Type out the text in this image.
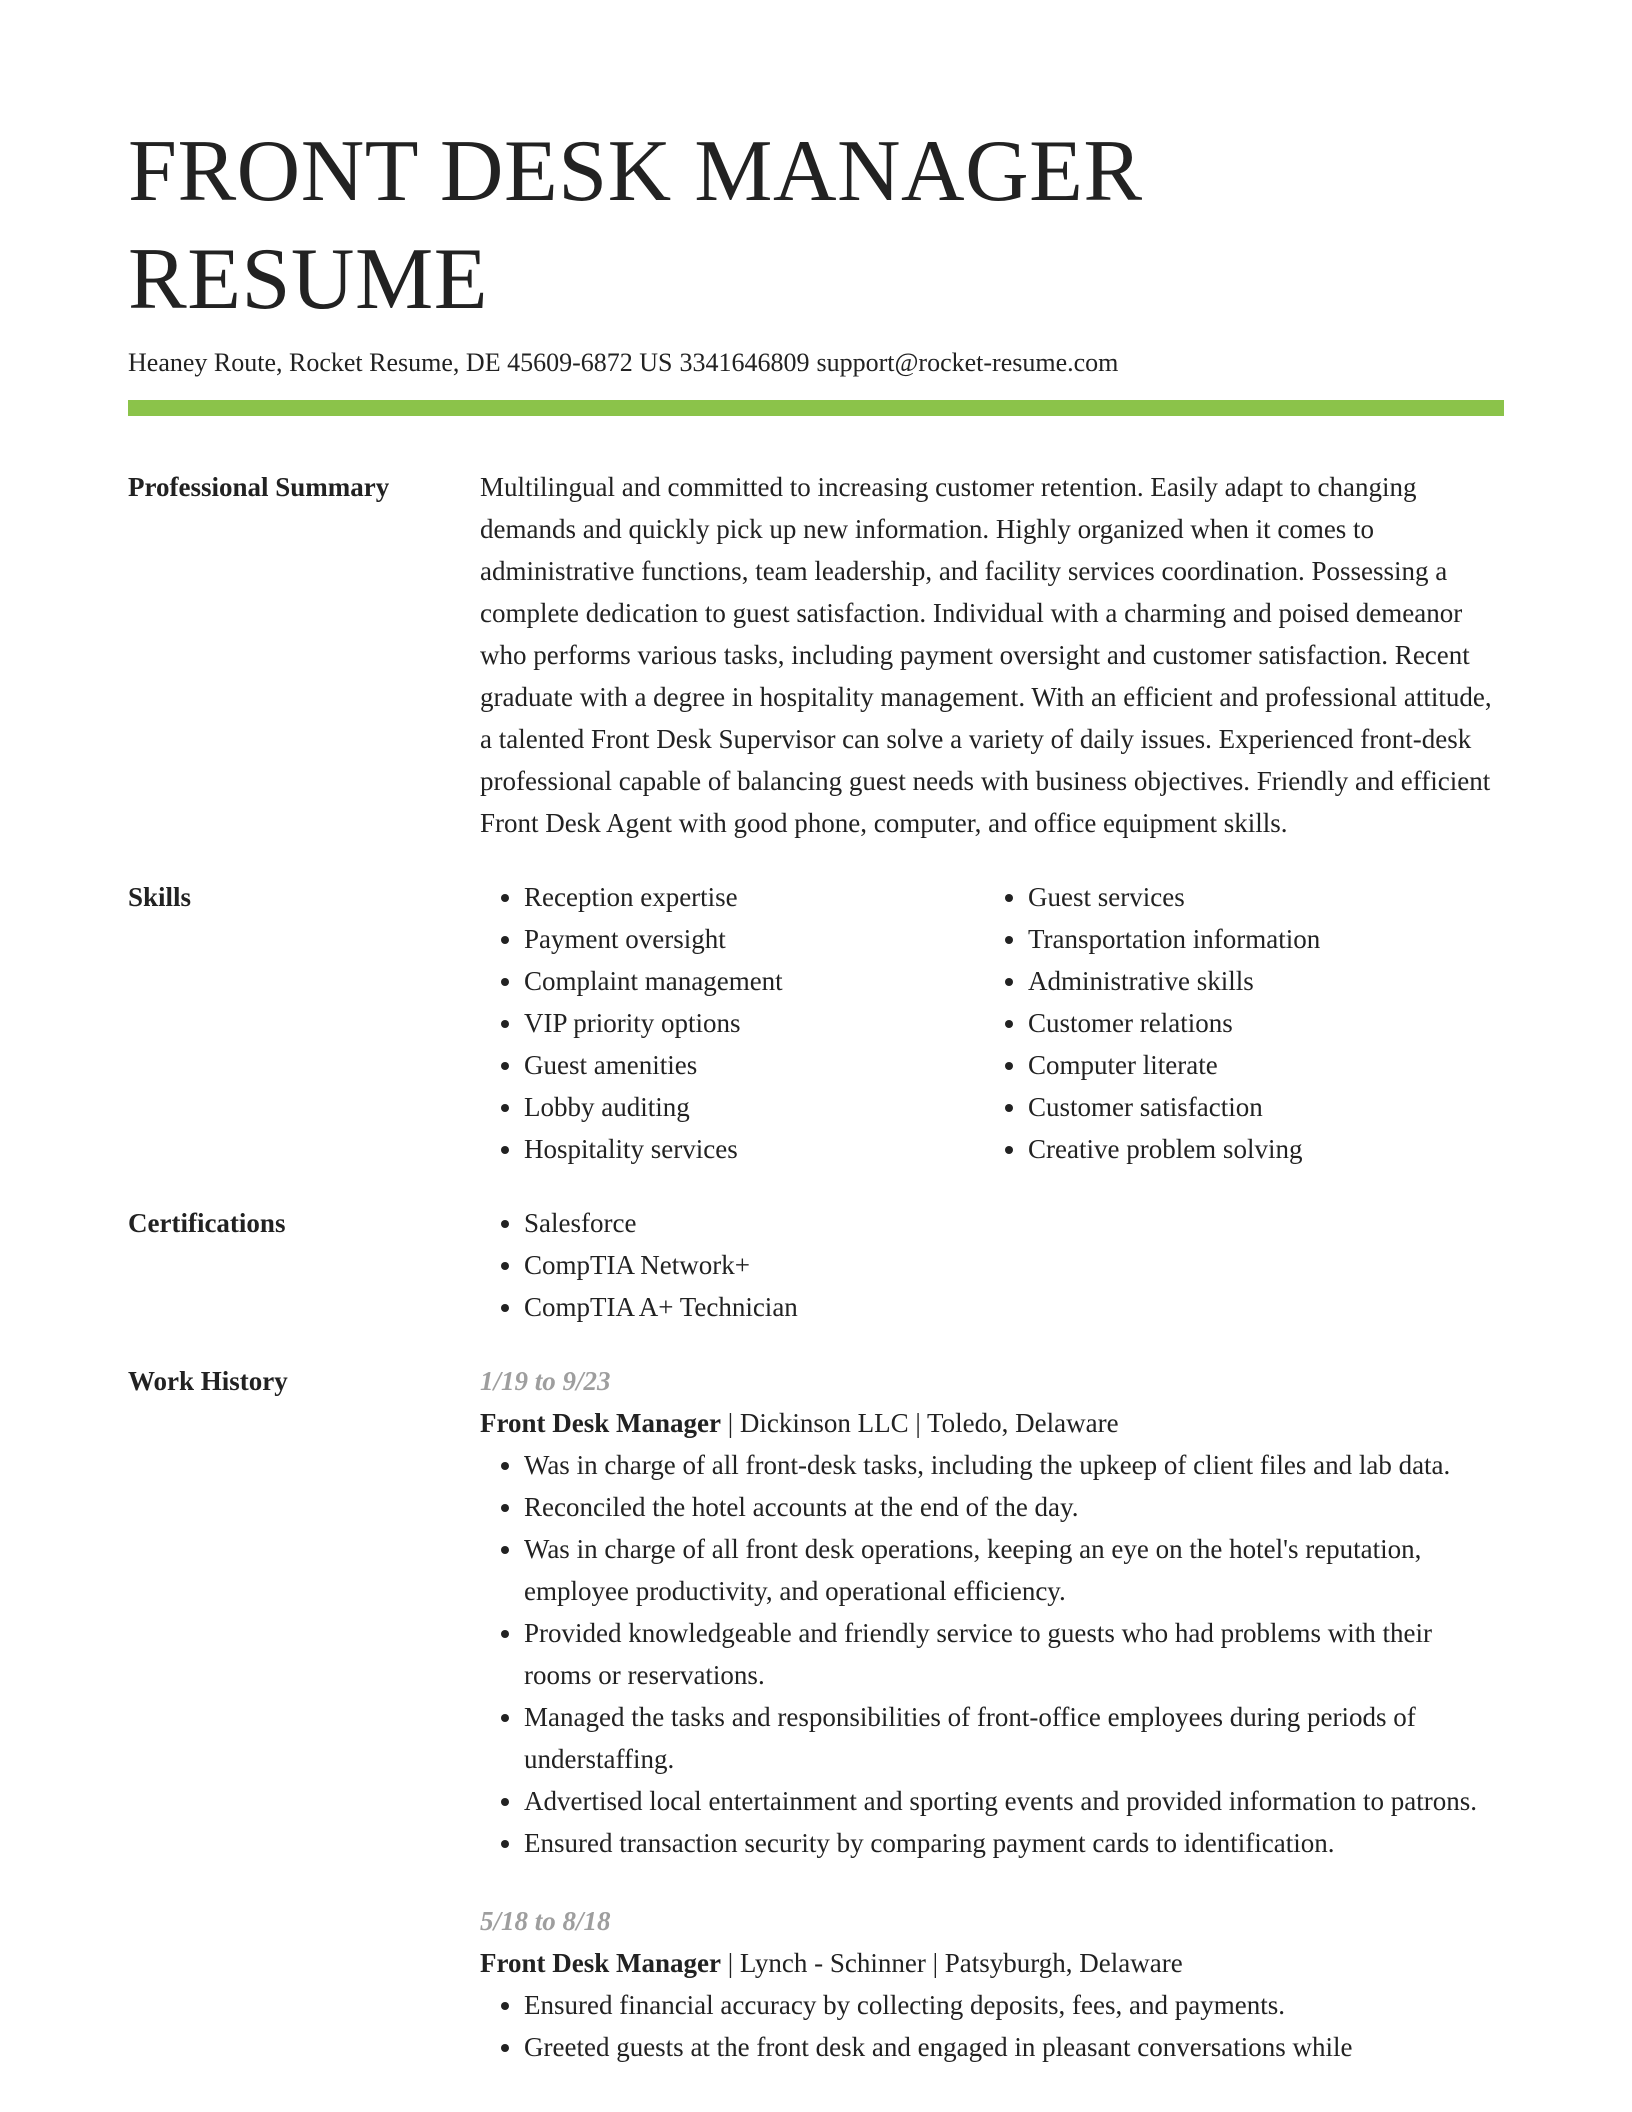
FRONT DESK MANAGER RESUME
Heaney Route, Rocket Resume, DE 45609-6872 US 3341646809 support@rocket-resume.com
Professional Summary	Multilingual and committed to increasing customer retention. Easily adapt to changing demands and quickly pick up new information. Highly organized when it comes to administrative functions, team leadership, and facility services coordination. Possessing a complete dedication to guest satisfaction. Individual with a charming and poised demeanor who performs various tasks, including payment oversight and customer satisfaction. Recent graduate with a degree in hospitality management. With an efficient and professional attitude, a talented Front Desk Supervisor can solve a variety of daily issues. Experienced front-desk professional capable of balancing guest needs with business objectives. Friendly and efficient Front Desk Agent with good phone, computer, and office equipment skills.

Skills	• Reception expertise
• Payment oversight
• Complaint management
• VIP priority options
• Guest amenities
• Lobby auditing
• Hospitality services
• Guest services
• Transportation information
• Administrative skills
• Customer relations
• Computer literate
• Customer satisfaction
• Creative problem solving
Certifications	• Salesforce
• CompTIA Network+
• CompTIA A+ Technician
Work History	1/19 to 9/23
Front Desk Manager | Dickinson LLC | Toledo, Delaware
• Was in charge of all front-desk tasks, including the upkeep of client files and lab data.
• Reconciled the hotel accounts at the end of the day.
• Was in charge of all front desk operations, keeping an eye on the hotel's reputation, employee productivity, and operational efficiency.
• Provided knowledgeable and friendly service to guests who had problems with their rooms or reservations.
• Managed the tasks and responsibilities of front-office employees during periods of understaffing.
• Advertised local entertainment and sporting events and provided information to patrons.
• Ensured transaction security by comparing payment cards to identification.
5/18 to 8/18
Front Desk Manager | Lynch - Schinner | Patsyburgh, Delaware
• Ensured financial accuracy by collecting deposits, fees, and payments.
• Greeted guests at the front desk and engaged in pleasant conversations while
